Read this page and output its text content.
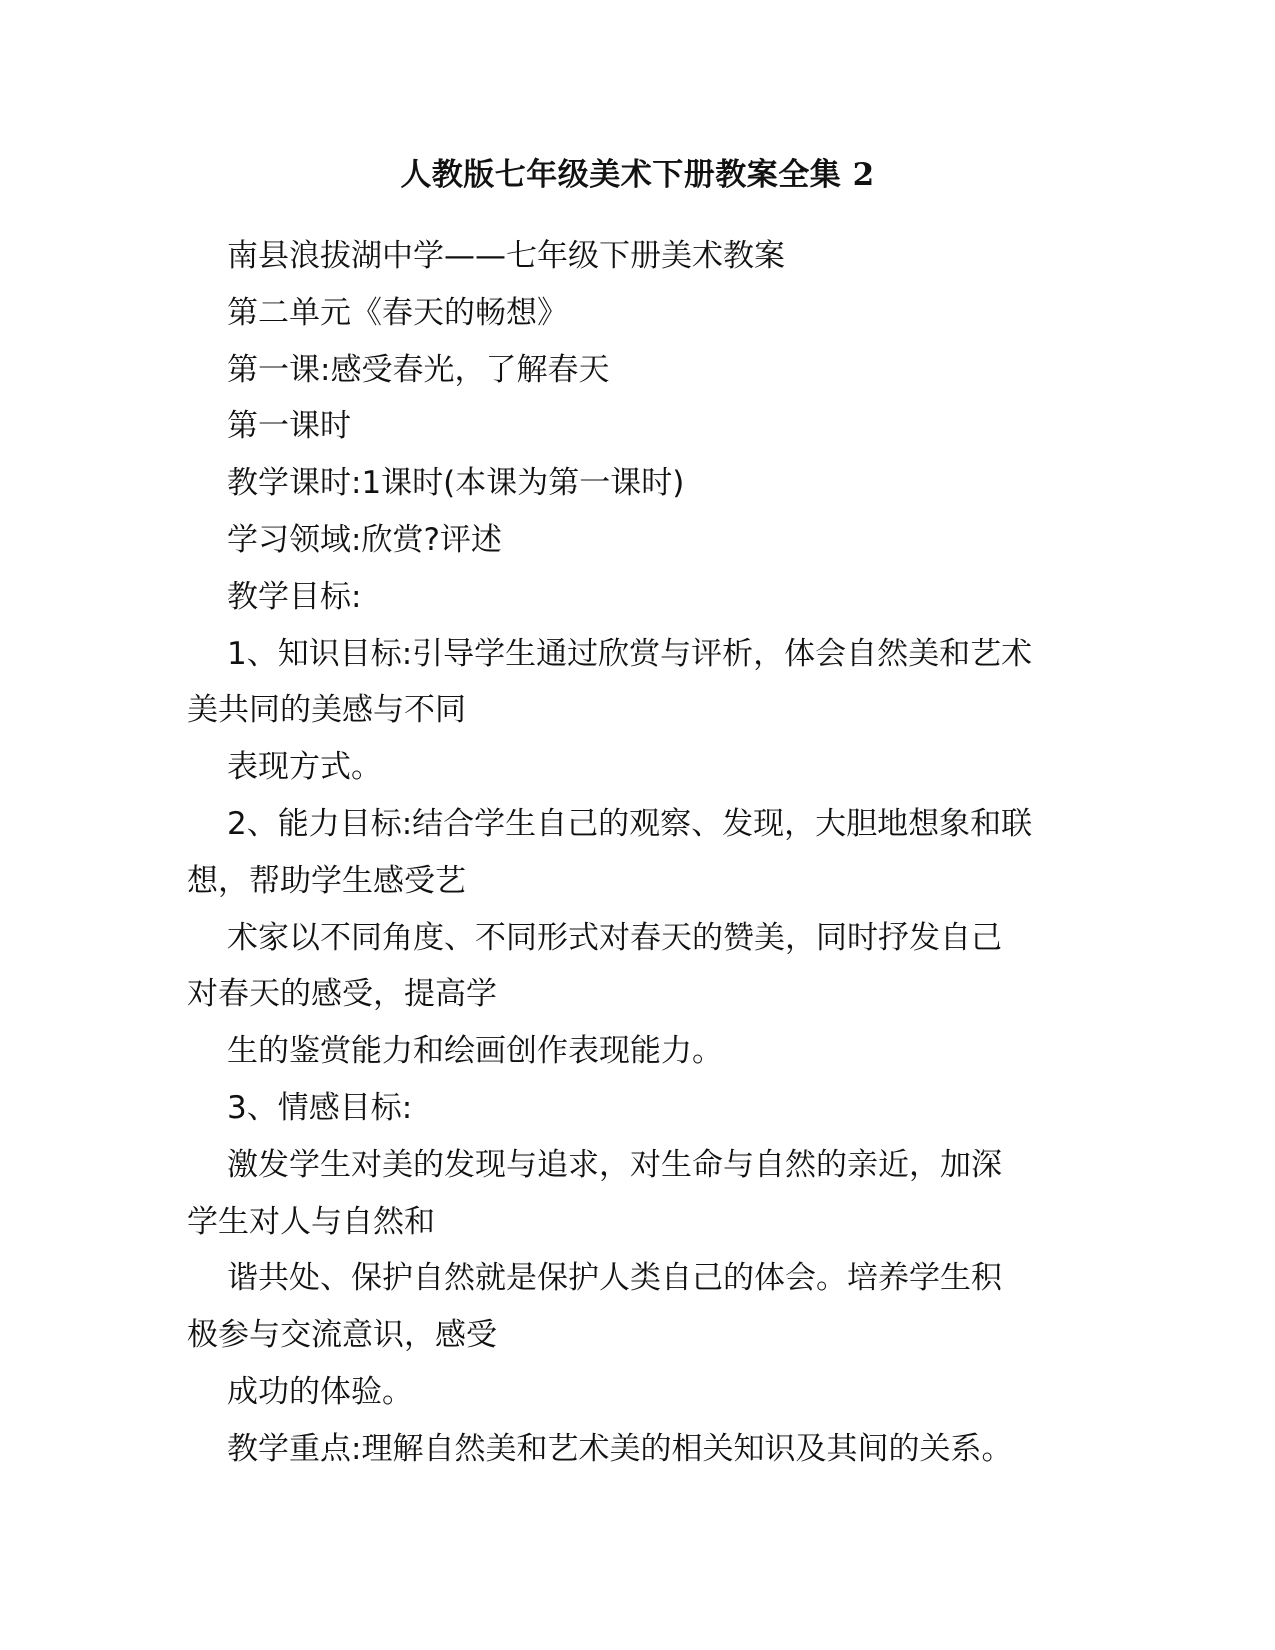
人教版七年级美术下册教案全集 2

南县浪拔湖中学——七年级下册美术教案

第二单元《春天的畅想》

第一课:感受春光，了解春天

第一课时

教学课时:1课时(本课为第一课时)

学习领域:欣赏?评述

教学目标:

1、知识目标:引导学生通过欣赏与评析，体会自然美和艺术
美共同的美感与不同

表现方式。

2、能力目标:结合学生自己的观察、发现，大胆地想象和联
想，帮助学生感受艺

术家以不同角度、不同形式对春天的赞美，同时抒发自己
对春天的感受，提高学

生的鉴赏能力和绘画创作表现能力。

3、情感目标:

激发学生对美的发现与追求，对生命与自然的亲近，加深
学生对人与自然和

谐共处、保护自然就是保护人类自己的体会。培养学生积
极参与交流意识，感受

成功的体验。

教学重点:理解自然美和艺术美的相关知识及其间的关系。
